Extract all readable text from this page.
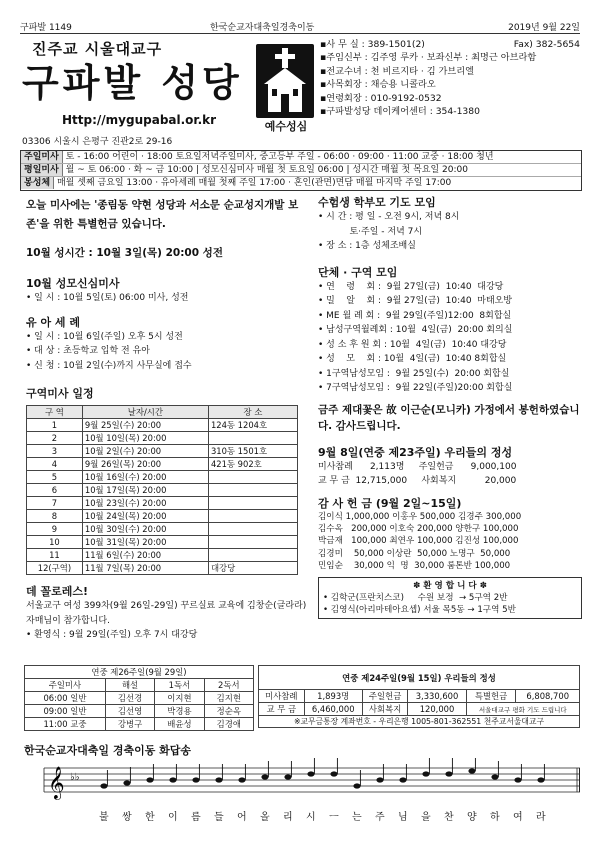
구파발 1149	한국순교자대축일경축이동	2019년 9월 22일
진주교 시울대교구
구파발 성당
Http://mygupabal.or.kr
03306 시울시 은평구 진관2로 29-16
예수성심
▪사 무 실 : 389-1501(2)	Fax) 382-5654
▪주임신부 : 김주영 루카 · 보좌신부 : 최명근 아브라함
▪전교수녀 : 천 비르지타 · 김 가브리엘
▪사목회장 : 채승용 니콜라오
▪연령회장 : 010-9192-0532
▪구파발성당 데이케어센터 : 354-1380
주일미사 토 - 16:00 어린이 · 18:00 토요일저녁주일미사, 중고등부 주일 - 06:00 · 09:00 · 11:00 교중 · 18:00 청년
평일미사 월 ~ 토 06:00 · 화 ~ 금 10:00 | 성모신심미사 매월 첫 토요일 06:00 | 성시간 매월 첫 목요일 20:00
봉성체 매월 셋째 금요일 13:00 · 유아세례 매월 첫째 주일 17:00 · 혼인(관면)면담 매월 마지막 주일 17:00
오늘 미사에는 '종림동 약현 성당과 서소문 순교성지개발 보존'을 위한 특별헌금 있습니다.
10월 성시간 : 10월 3일(목) 20:00 성전
10월 성모신심미사
• 일 시 : 10월 5일(토) 06:00 미사, 성전
유 아 세 례
• 일 시 : 10월 6일(주일) 오후 5시 성전
• 대 상 : 초등학교 입학 전 유아
• 신 청 : 10월 2일(수)까지 사무실에 접수
구역미사 일정
구 역	날자/시간	장 소
1	9월 25일(수) 20:00	124동 1204호
2	10월 10일(목) 20:00	
3	10월 2일(수) 20:00	310동 1501호
4	9월 26일(목) 20:00	421동 902호
5	10월 16일(수) 20:00	
6	10월 17일(목) 20:00	
7	10월 23일(수) 20:00	
8	10월 24일(목) 20:00	
9	10월 30일(수) 20:00	
10	10월 31일(목) 20:00	
11	11월 6일(수) 20:00	
12(구역)	11월 7일(목) 20:00	대강당
데 꼴로레스!
서울교구 여성 399차(9월 26일-29일) 꾸르실료 교육에 김창순(글라라) 자매님이 참가합니다.
• 환영식 : 9월 29일(주일) 오후 7시 대강당
수험생 학부모 기도 모임
• 시 간 : 평 일 - 오전 9시, 저녁 8시
토·주일 - 저녁 7시
• 장 소 : 1층 성체조배실
단체 · 구역 모임
• 연    령    회 :  9월 27일(금)  10:40  대강당
• 밀    알    회 :  9월 27일(금)  10:40  마태오방
• ME 월 례 회 :  9월 29일(주일)12:00  8회합실
• 남성구역월례회 : 10월  4일(금)  20:00 회의실
• 성 소 후 원 회 : 10월  4일(금)  10:40 대강당
• 성    모    회 : 10월  4일(금)  10:40 8회합실
• 1구역남성모임 :  9월 25일(수)  20:00 회합실
• 7구역남성모임 :  9월 22일(주일)20:00 회합실
금주 제대꽃은 故 이근순(모니카) 가정에서 봉헌하였습니다. 감사드립니다.
9월 8일(연중 제23주일) 우리들의 정성
미사참례      2,113명     주일헌금      9,000,100
교 무 금  12,715,000     사회복지          20,000
감 사 헌 금 (9월 2일~15일)
김이식 1,000,000 이홍우 500,000 김경주 300,000
김수옥   200,000 이호숙 200,000 양한구 100,000
박금재   100,000 최연우 100,000 김진성 100,000
김경미    50,000 이상란  50,000 노명구  50,000
민임순    30,000 익  명  30,000 룸톤반 100,000
✽ 환 영 합 니 다 ✽
• 김학군(프란치스코)     수원 보정  → 5구역 2반
• 김영식(아리마테아요셉) 서울 목5동 → 1구역 5반
연중 제26주일(9월 29일)			
주일미사	해설	1독서	2독서
06:00 일반	김선경	이지현	김지현
09:00 일반	김선영	박경용	정순옥
11:00 교중	강병구	배윤성	김경애
연중 제24주일(9월 15일) 우리들의 정성					
미사참례	1,893명	주일헌금	3,330,600	특별헌금	6,808,700
교 무 금	6,460,000	사회복지	120,000	서울대교구 평화 기도 드립니다	
※교무금통장 계좌번호 - 우리은행 1005-801-362551 천주교서울대교구					
한국순교자대축일 경축이동 화답송
𝄞 ♭♭
불 쌍 한 이 름 들 어 올 리 시 ㅡ 는 주 님 을 찬 양 하 여 라
